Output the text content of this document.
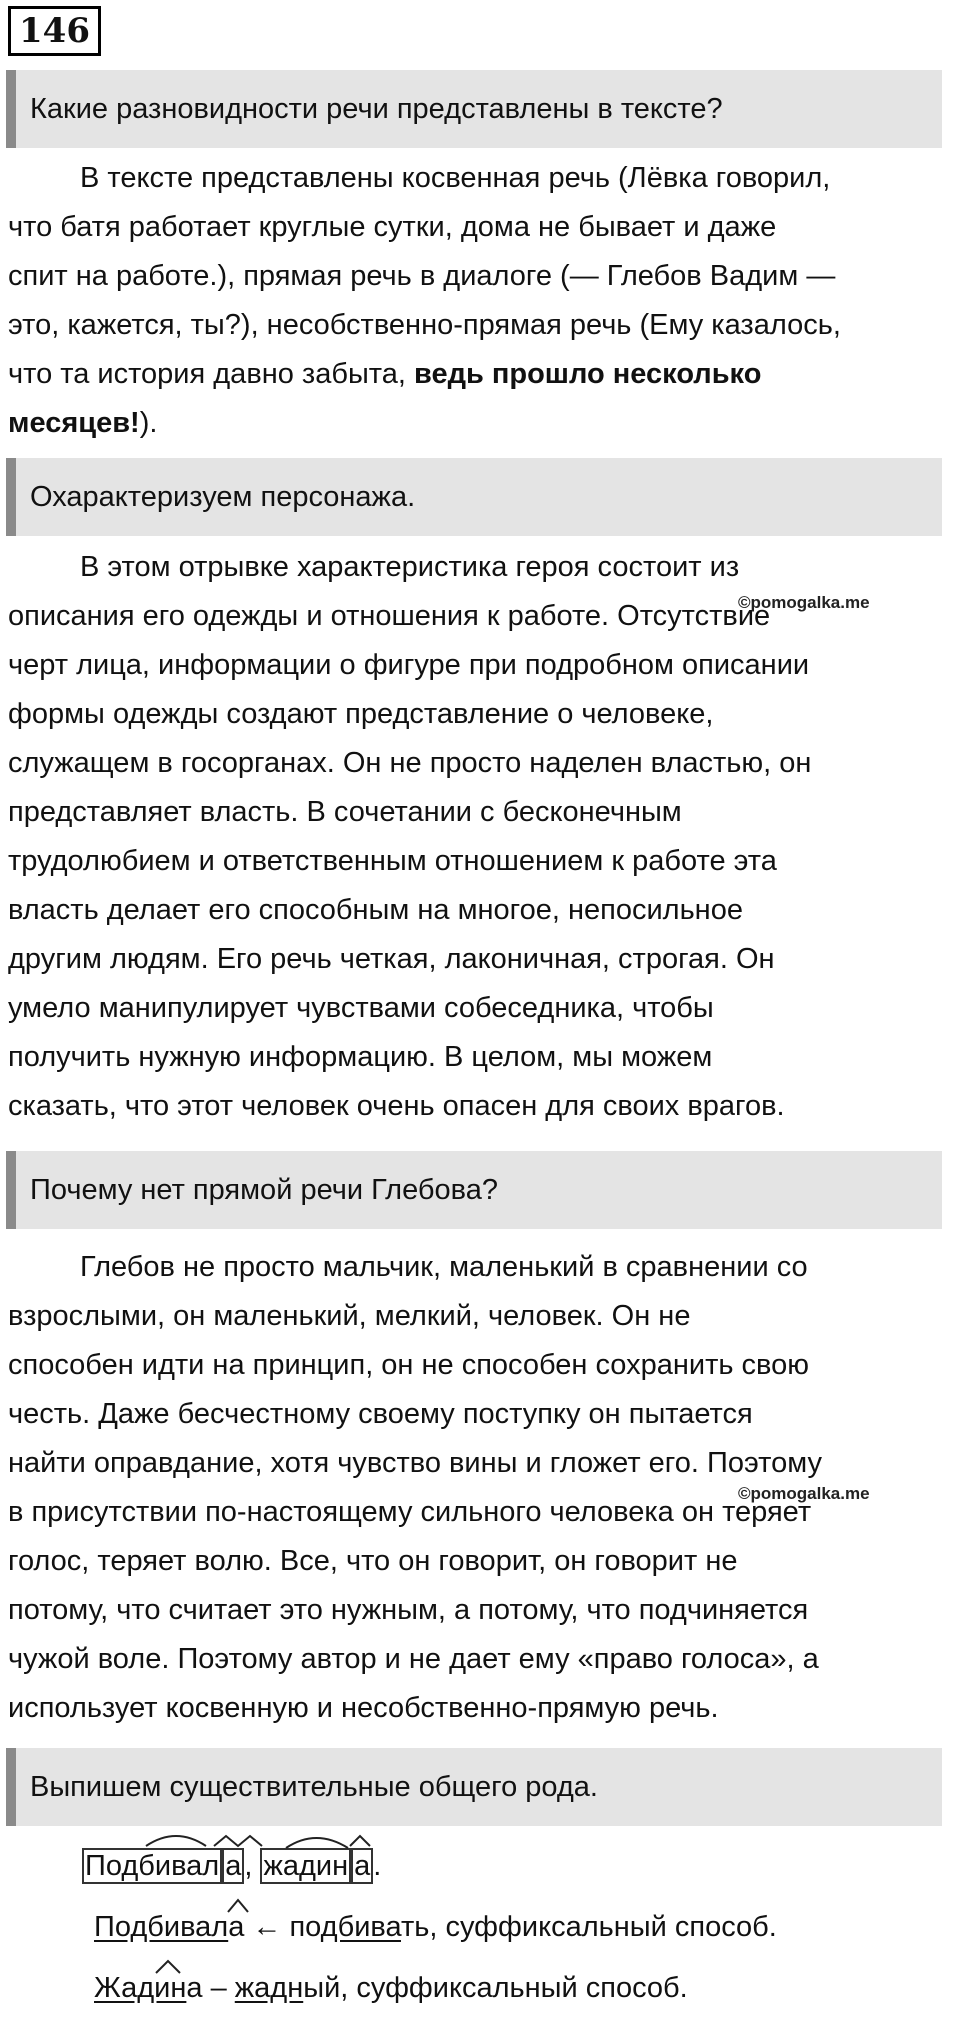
146
Какие разновидности речи представлены в тексте?
В тексте представлены косвенная речь (Лёвка говорил,
что батя работает круглые сутки, дома не бывает и даже
спит на работе.), прямая речь в диалоге (— Глебов Вадим —
это, кажется, ты?), несобственно-прямая речь (Ему казалось,
что та история давно забыта, ведь прошло несколько
месяцев!).
Охарактеризуем персонажа.
В этом отрывке характеристика героя состоит из
описания его одежды и отношения к работе. Отсутствие
черт лица, информации о фигуре при подробном описании
формы одежды создают представление о человеке,
служащем в госорганах. Он не просто наделен властью, он
представляет власть. В сочетании с бесконечным
трудолюбием и ответственным отношением к работе эта
власть делает его способным на многое, непосильное
другим людям. Его речь четкая, лаконичная, строгая. Он
умело манипулирует чувствами собеседника, чтобы
получить нужную информацию. В целом, мы можем
сказать, что этот человек очень опасен для своих врагов.
©pomogalka.me
Почему нет прямой речи Глебова?
Глебов не просто мальчик, маленький в сравнении со
взрослыми, он маленький, мелкий, человек. Он не
способен идти на принцип, он не способен сохранить свою
честь. Даже бесчестному своему поступку он пытается
найти оправдание, хотя чувство вины и гложет его. Поэтому
в присутствии по-настоящему сильного человека он теряет
голос, теряет волю. Все, что он говорит, он говорит не
потому, что считает это нужным, а потому, что подчиняется
чужой воле. Поэтому автор и не дает ему «право голоса», а
использует косвенную и несобственно-прямую речь.
©pomogalka.me
Выпишем существительные общего рода.
Подбивал а , жадин а .
Подбивала ← подбивать, суффиксальный способ.
Жадина – жадный, суффиксальный способ.
